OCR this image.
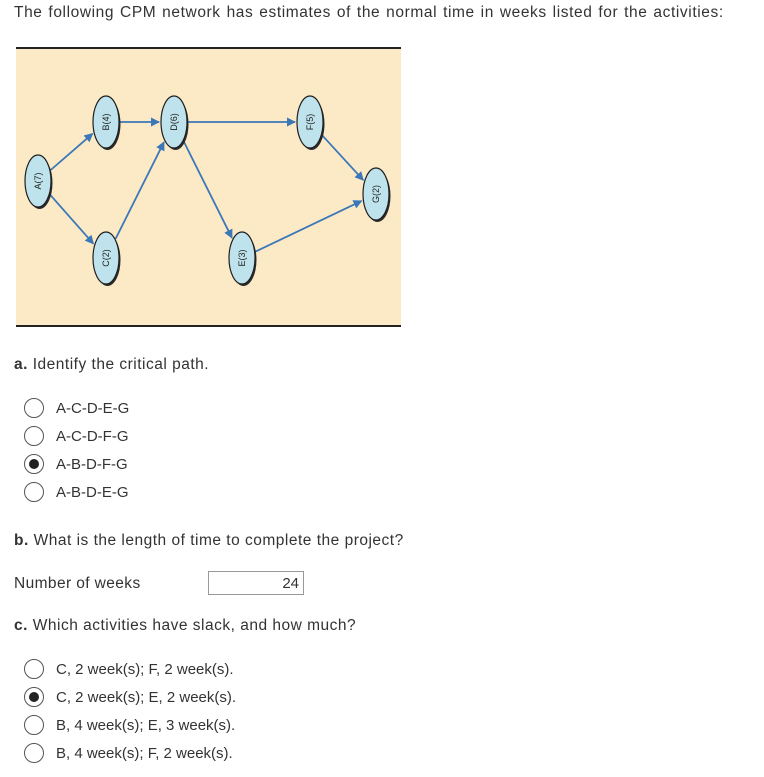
The following CPM network has estimates of the normal time in weeks listed for the activities:
A(7)
B(4)
C(2)
D(6)
E(3)
F(5)
G(2)
a. Identify the critical path.
A-C-D-E-G
A-C-D-F-G
A-B-D-F-G
A-B-D-E-G
b. What is the length of time to complete the project?
Number of weeks
24
c. Which activities have slack, and how much?
C, 2 week(s); F, 2 week(s).
C, 2 week(s); E, 2 week(s).
B, 4 week(s); E, 3 week(s).
B, 4 week(s); F, 2 week(s).
